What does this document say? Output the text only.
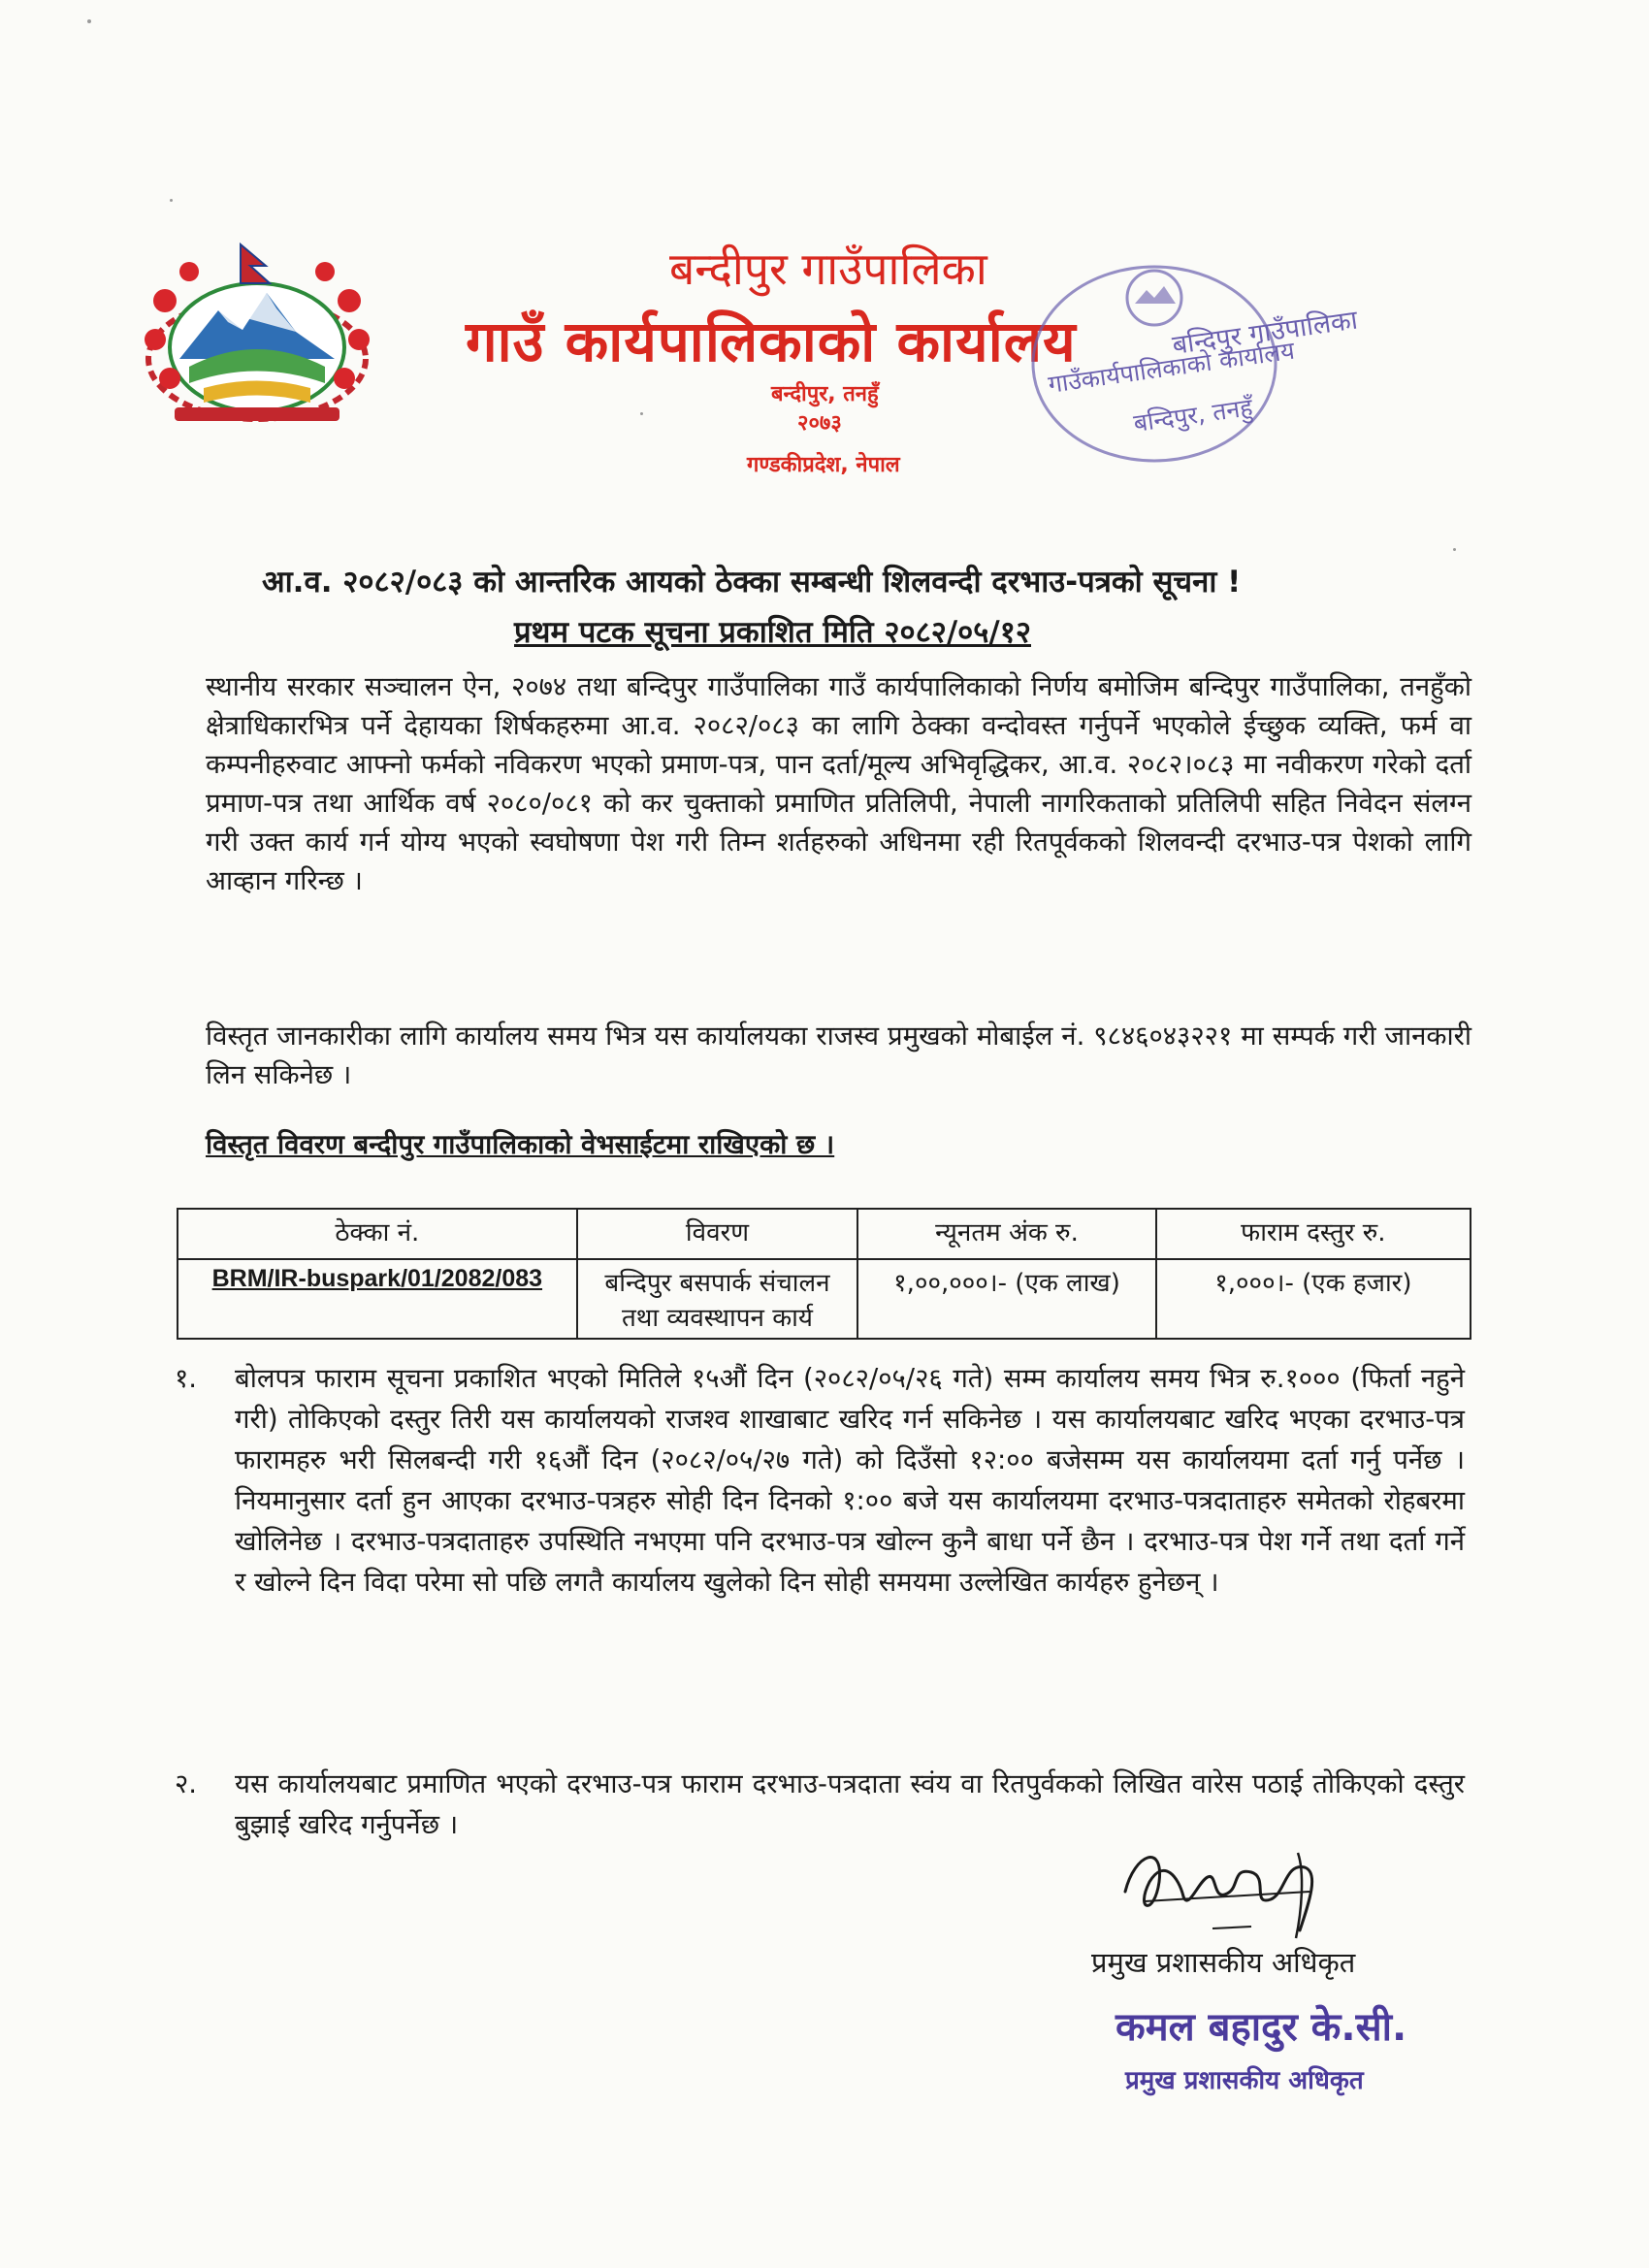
बन्दीपुर गाउँपालिका
गाउँ कार्यपालिकाको कार्यालय
बन्दीपुर, तनहुँ
२०७३
गण्डकीप्रदेश, नेपाल
बन्दिपुर गाउँपालिका
गाउँकार्यपालिकाको कार्यालय
बन्दिपुर, तनहुँ
आ.व. २०८२/०८३ को आन्तरिक आयको ठेक्का सम्बन्धी शिलवन्दी दरभाउ-पत्रको सूचना !
प्रथम पटक सूचना प्रकाशित मिति २०८२/०५/१२
स्थानीय सरकार सञ्चालन ऐन, २०७४ तथा बन्दिपुर गाउँपालिका गाउँ कार्यपालिकाको निर्णय बमोजिम बन्दिपुर गाउँपालिका, तनहुँको क्षेत्राधिकारभित्र पर्ने देहायका शिर्षकहरुमा आ.व. २०८२/०८३ का लागि ठेक्का वन्दोवस्त गर्नुपर्ने भएकोले ईच्छुक व्यक्ति, फर्म वा कम्पनीहरुवाट आफ्नो फर्मको नविकरण भएको प्रमाण-पत्र, पान दर्ता/मूल्य अभिवृद्धिकर, आ.व. २०८२।०८३ मा नवीकरण गरेको दर्ता प्रमाण-पत्र तथा आर्थिक वर्ष २०८०/०८१ को कर चुक्ताको प्रमाणित प्रतिलिपी, नेपाली नागरिकताको प्रतिलिपी सहित निवेदन संलग्न गरी उक्त कार्य गर्न योग्य भएको स्वघोषणा पेश गरी तिम्न शर्तहरुको अधिनमा रही रितपूर्वकको शिलवन्दी दरभाउ-पत्र पेशको लागि आव्हान गरिन्छ ।
विस्तृत जानकारीका लागि कार्यालय समय भित्र यस कार्यालयका राजस्व प्रमुखको मोबाईल नं. ९८४६०४३२२१ मा सम्पर्क गरी जानकारी लिन सकिनेछ ।
विस्तृत विवरण बन्दीपुर गाउँपालिकाको वेभसाईटमा राखिएको छ ।
ठेक्का नं.	विवरण	न्यूनतम अंक रु.	फाराम दस्तुर रु.
BRM/IR-buspark/01/2082/083	बन्दिपुर बसपार्क संचालन तथा व्यवस्थापन कार्य	१,००,०००।- (एक लाख)	१,०००।- (एक हजार)
१.	बोलपत्र फाराम सूचना प्रकाशित भएको मितिले १५औं दिन (२०८२/०५/२६ गते) सम्म कार्यालय समय भित्र रु.१००० (फिर्ता नहुने गरी) तोकिएको दस्तुर तिरी यस कार्यालयको राजश्व शाखाबाट खरिद गर्न सकिनेछ । यस कार्यालयबाट खरिद भएका दरभाउ-पत्र फारामहरु भरी सिलबन्दी गरी १६औं दिन (२०८२/०५/२७ गते) को दिउँसो १२:०० बजेसम्म यस कार्यालयमा दर्ता गर्नु पर्नेछ । नियमानुसार दर्ता हुन आएका दरभाउ-पत्रहरु सोही दिन दिनको १:०० बजे यस कार्यालयमा दरभाउ-पत्रदाताहरु समेतको रोहबरमा खोलिनेछ । दरभाउ-पत्रदाताहरु उपस्थिति नभएमा पनि दरभाउ-पत्र खोल्न कुनै बाधा पर्ने छैन । दरभाउ-पत्र पेश गर्ने तथा दर्ता गर्ने र खोल्ने दिन विदा परेमा सो पछि लगतै कार्यालय खुलेको दिन सोही समयमा उल्लेखित कार्यहरु हुनेछन् ।
२.	यस कार्यालयबाट प्रमाणित भएको दरभाउ-पत्र फाराम दरभाउ-पत्रदाता स्वंय वा रितपुर्वकको लिखित वारेस पठाई तोकिएको दस्तुर बुझाई खरिद गर्नुपर्नेछ ।
प्रमुख प्रशासकीय अधिकृत
कमल बहादुर के.सी.
प्रमुख प्रशासकीय अधिकृत
